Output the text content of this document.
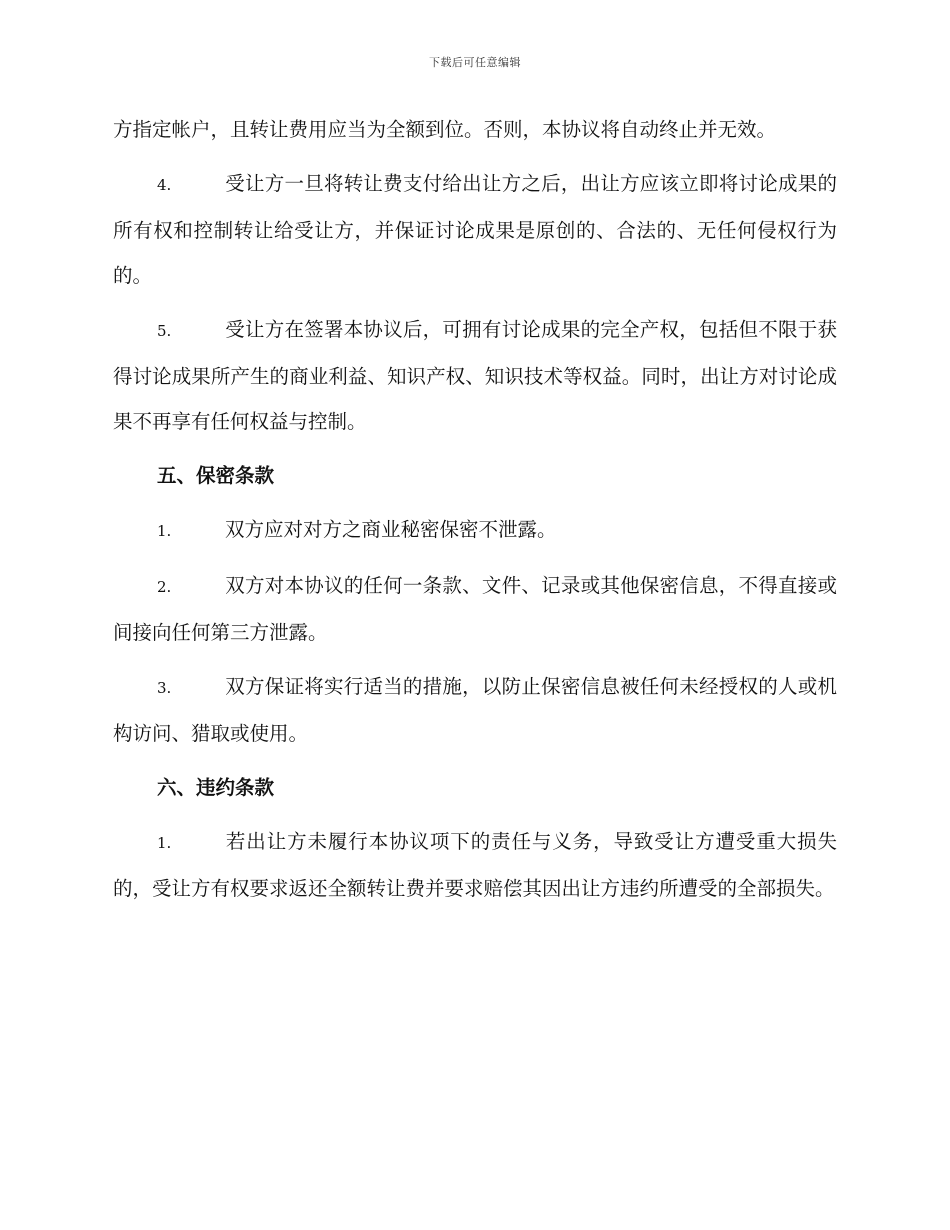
下载后可任意编辑

方指定帐户，且转让费用应当为全额到位。否则，本协议将自动终止并无效。

4.	受让方一旦将转让费支付给出让方之后，出让方应该立即将讨论成果的所有权和控制转让给受让方，并保证讨论成果是原创的、合法的、无任何侵权行为的。

5.	受让方在签署本协议后，可拥有讨论成果的完全产权，包括但不限于获得讨论成果所产生的商业利益、知识产权、知识技术等权益。同时，出让方对讨论成果不再享有任何权益与控制。

五、保密条款

1.	双方应对对方之商业秘密保密不泄露。

2.	双方对本协议的任何一条款、文件、记录或其他保密信息，不得直接或间接向任何第三方泄露。

3.	双方保证将实行适当的措施，以防止保密信息被任何未经授权的人或机构访问、猎取或使用。

六、违约条款

1.	若出让方未履行本协议项下的责任与义务，导致受让方遭受重大损失的，受让方有权要求返还全额转让费并要求赔偿其因出让方违约所遭受的全部损失。
